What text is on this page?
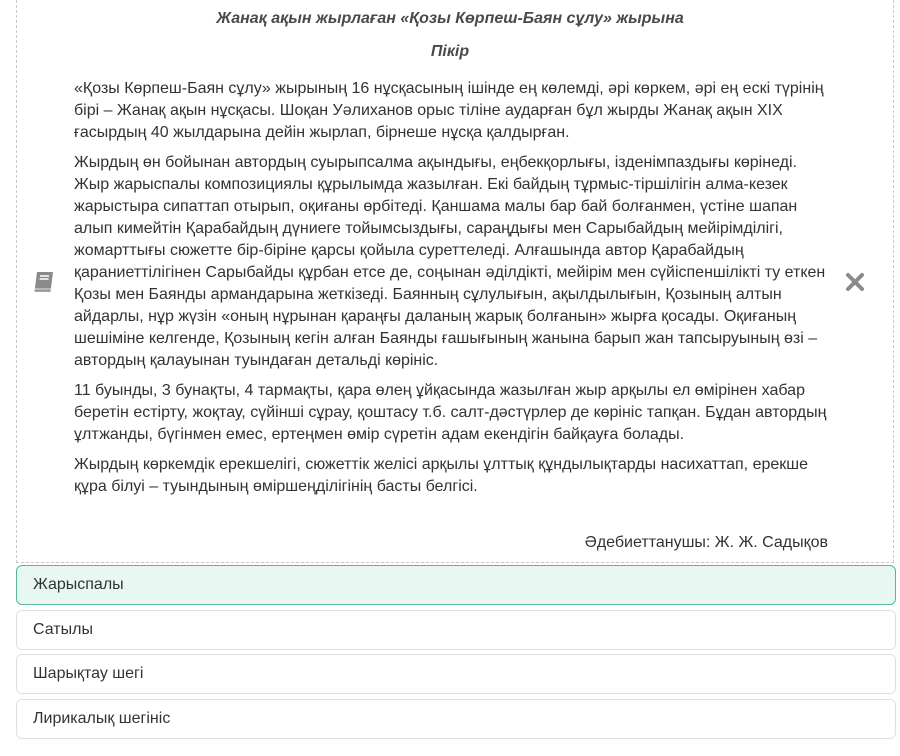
Жанақ ақын жырлаған «Қозы Көрпеш-Баян сұлу» жырына
Пікір

«Қозы Көрпеш-Баян сұлу» жырының 16 нұсқасының ішінде ең көлемді, әрі көркем, әрі ең ескі түрінің бірі – Жанақ ақын нұсқасы. Шоқан Уәлиханов орыс тіліне аударған бұл жырды Жанақ ақын XIX ғасырдың 40 жылдарына дейін жырлап, бірнеше нұсқа қалдырған.

Жырдың өн бойынан автордың суырыпсалма ақындығы, еңбекқорлығы, ізденімпаздығы көрінеді. Жыр жарыспалы композициялы құрылымда жазылған. Екі байдың тұрмыс-тіршілігін алма-кезек жарыстыра сипаттап отырып, оқиғаны өрбітеді. Қаншама малы бар бай болғанмен, үстіне шапан алып кимейтін Қарабайдың дүниеге тойымсыздығы, сараңдығы мен Сарыбайдың мейірімділігі, жомарттығы сюжетте бір-біріне қарсы қойыла суреттеледі. Алғашында автор Қарабайдың қараниеттілігінен Сарыбайды құрбан етсе де, соңынан әділдікті, мейірім мен сүйіспеншілікті ту еткен Қозы мен Баянды армандарына жеткізеді. Баянның сұлулығын, ақылдылығын, Қозының алтын айдарлы, нұр жүзін «оның нұрынан қараңғы даланың жарық болғанын» жырға қосады. Оқиғаның шешіміне келгенде, Қозының кегін алған Баянды ғашығының жанына барып жан тапсыруының өзі – автордың қалауынан туындаған детальді көрініс.

11 буынды, 3 бунақты, 4 тармақты, қара өлең ұйқасында жазылған жыр арқылы ел өмірінен хабар беретін естірту, жоқтау, сүйінші сұрау, қоштасу т.б. салт-дәстүрлер де көрініс тапқан. Бұдан автордың ұлтжанды, бүгінмен емес, ертеңмен өмір сүретін адам екендігін байқауға болады.

Жырдың көркемдік ерекшелігі, сюжеттік желісі арқылы ұлттық құндылықтарды насихаттап, ерекше құра білуі – туындының өміршеңділігінің басты белгісі.

Әдебиеттанушы: Ж. Ж. Садықов
Жарыспалы
Сатылы
Шарықтау шегі
Лирикалық шегініс
